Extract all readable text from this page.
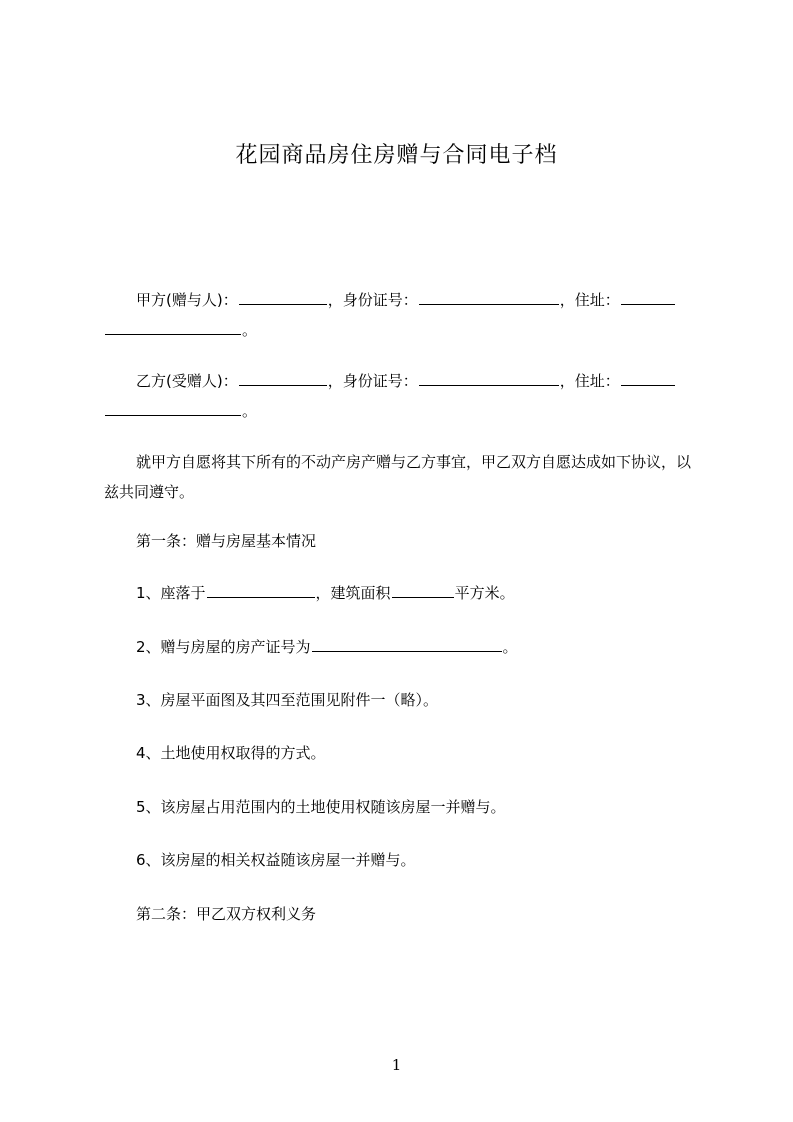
花园商品房住房赠与合同电子档
甲方(赠与人)：	，身份证号：	，住址：
。
乙方(受赠人)：	，身份证号：	，住址：
。
就甲方自愿将其下所有的不动产房产赠与乙方事宜，甲乙双方自愿达成如下协议，以兹共同遵守。
第一条：赠与房屋基本情况
1、座落于	，建筑面积	平方米。
2、赠与房屋的房产证号为	。
3、房屋平面图及其四至范围见附件一（略）。
4、土地使用权取得的方式。
5、该房屋占用范围内的土地使用权随该房屋一并赠与。
6、该房屋的相关权益随该房屋一并赠与。
第二条：甲乙双方权利义务
1
